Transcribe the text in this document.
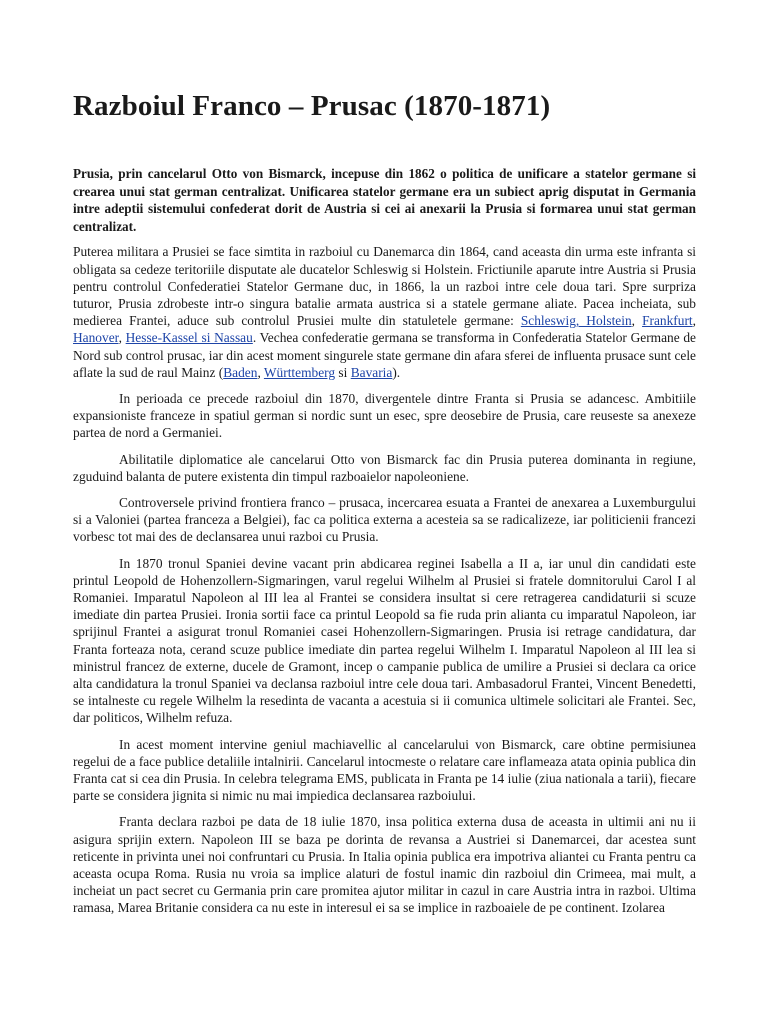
Razboiul Franco – Prusac (1870-1871)

Prusia, prin cancelarul Otto von Bismarck, incepuse din 1862 o politica de unificare a statelor germane si crearea unui stat german centralizat. Unificarea statelor germane era un subiect aprig disputat in Germania intre adeptii sistemului confederat dorit de Austria si cei ai anexarii la Prusia si formarea unui stat german centralizat.

Puterea militara a Prusiei se face simtita in razboiul cu Danemarca din 1864, cand aceasta din urma este infranta si obligata sa cedeze teritoriile disputate ale ducatelor Schleswig si Holstein. Frictiunile aparute intre Austria si Prusia pentru controlul Confederatiei Statelor Germane duc, in 1866, la un razboi intre cele doua tari. Spre surpriza tuturor, Prusia zdrobeste intr-o singura batalie armata austrica si a statele germane aliate. Pacea incheiata, sub medierea Frantei, aduce sub controlul Prusiei multe din statuletele germane: Schleswig, Holstein, Frankfurt, Hanover, Hesse-Kassel si Nassau. Vechea confederatie germana se transforma in Confederatia Statelor Germane de Nord sub control prusac, iar din acest moment singurele state germane din afara sferei de influenta prusace sunt cele aflate la sud de raul Mainz (Baden, Württemberg si Bavaria).

In perioada ce precede razboiul din 1870, divergentele dintre Franta si Prusia se adancesc. Ambitiile expansioniste franceze in spatiul german si nordic sunt un esec, spre deosebire de Prusia, care reuseste sa anexeze partea de nord a Germaniei.

Abilitatile diplomatice ale cancelarui Otto von Bismarck fac din Prusia puterea dominanta in regiune, zguduind balanta de putere existenta din timpul razboaielor napoleoniene.

Controversele privind frontiera franco – prusaca, incercarea esuata a Frantei de anexarea a Luxemburgului si a Valoniei (partea franceza a Belgiei), fac ca politica externa a acesteia sa se radicalizeze, iar politicienii francezi vorbesc tot mai des de declansarea unui razboi cu Prusia.

In 1870 tronul Spaniei devine vacant prin abdicarea reginei Isabella a II a, iar unul din candidati este printul Leopold de Hohenzollern-Sigmaringen, varul regelui Wilhelm al Prusiei si fratele domnitorului Carol I al Romaniei. Imparatul Napoleon al III lea al Frantei se considera insultat si cere retragerea candidaturii si scuze imediate din partea Prusiei. Ironia sortii face ca printul Leopold sa fie ruda prin alianta cu imparatul Napoleon, iar sprijinul Frantei a asigurat tronul Romaniei casei Hohenzollern-Sigmaringen. Prusia isi retrage candidatura, dar Franta forteaza nota, cerand scuze publice imediate din partea regelui Wilhelm I. Imparatul Napoleon al III lea si ministrul francez de externe, ducele de Gramont, incep o campanie publica de umilire a Prusiei si declara ca orice alta candidatura la tronul Spaniei va declansa razboiul intre cele doua tari. Ambasadorul Frantei, Vincent Benedetti, se intalneste cu regele Wilhelm la resedinta de vacanta a acestuia si ii comunica ultimele solicitari ale Frantei. Sec, dar politicos, Wilhelm refuza.

In acest moment intervine geniul machiavellic al cancelarului von Bismarck, care obtine permisiunea regelui de a face publice detaliile intalnirii. Cancelarul intocmeste o relatare care inflameaza atata opinia publica din Franta cat si cea din Prusia. In celebra telegrama EMS, publicata in Franta pe 14 iulie (ziua nationala a tarii), fiecare parte se considera jignita si nimic nu mai impiedica declansarea razboiului.

Franta declara razboi pe data de 18 iulie 1870, insa politica externa dusa de aceasta in ultimii ani nu ii asigura sprijin extern. Napoleon III se baza pe dorinta de revansa a Austriei si Danemarcei, dar acestea sunt reticente in privinta unei noi confruntari cu Prusia. In Italia opinia publica era impotriva aliantei cu Franta pentru ca aceasta ocupa Roma. Rusia nu vroia sa implice alaturi de fostul inamic din razboiul din Crimeea, mai mult, a incheiat un pact secret cu Germania prin care promitea ajutor militar in cazul in care Austria intra in razboi. Ultima ramasa, Marea Britanie considera ca nu este in interesul ei sa se implice in razboaiele de pe continent. Izolarea
